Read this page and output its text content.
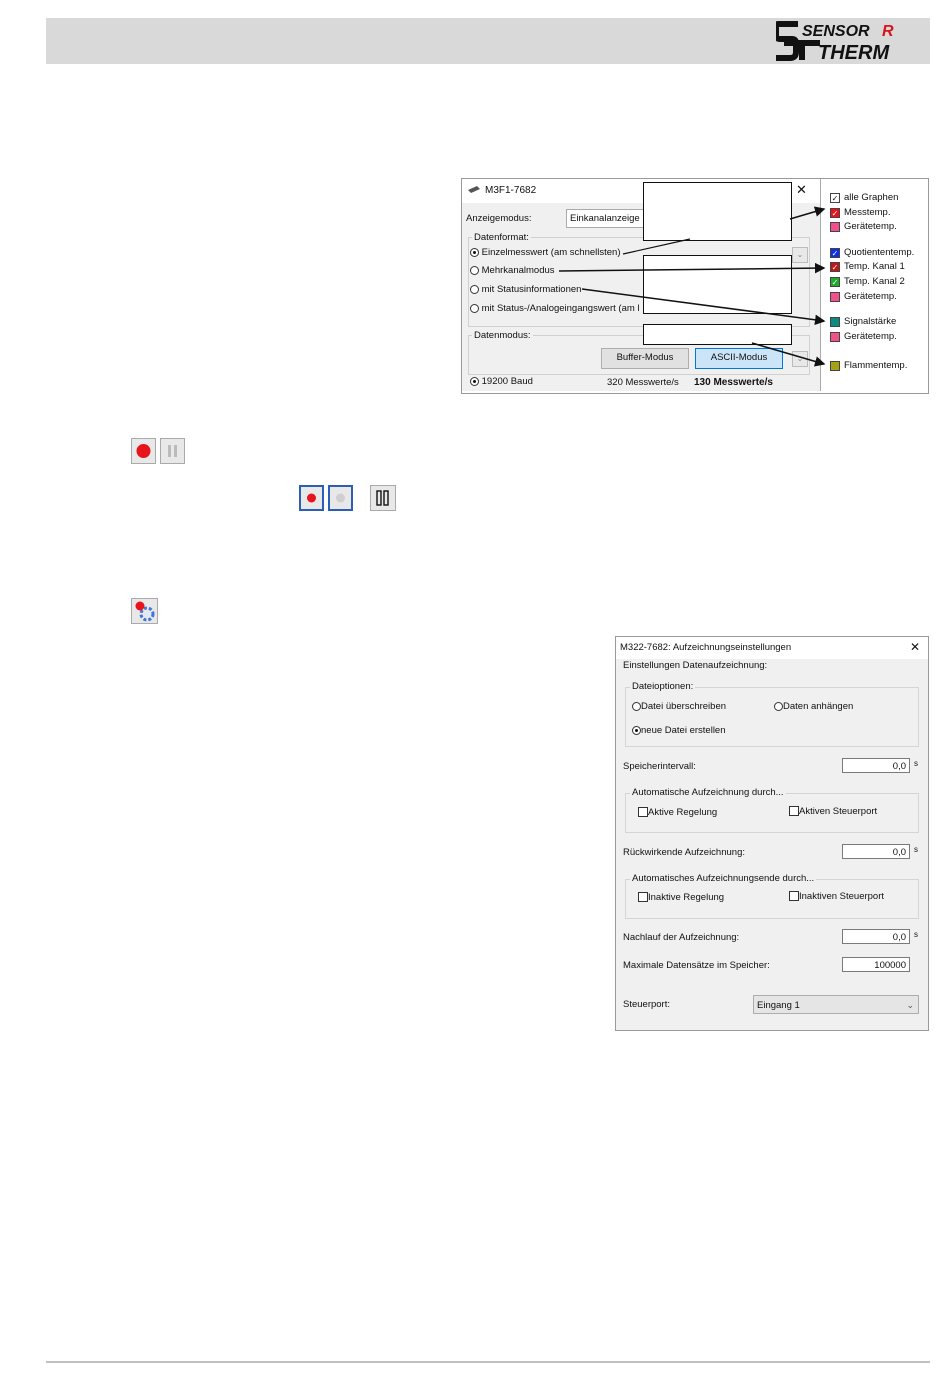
SENSOR
THERM
R
M3F1-7682	✕
Anzeigemodus:	Einkanalanzeige
Datenformat:
Einzelmesswert (am schnellsten)
Mehrkanalmodus
mit Statusinformationen
mit Status-/Analogeingangswert (am l
⌄
⌄
Datenmodus:
Buffer-Modus	ASCII-Modus
19200 Baud	320 Messwerte/s 130 Messwerte/s
✓ alle Graphen
✓ Messtemp.
Gerätetemp.
✓ Quotiententemp.
✓ Temp. Kanal 1
✓ Temp. Kanal 2
Gerätetemp.
Signalstärke
Gerätetemp.
Flammentemp.
M322-7682: Aufzeichnungseinstellungen	✕
Einstellungen Datenaufzeichnung:
Dateioptionen:
Datei überschreiben	Daten anhängen
neue Datei erstellen
Speicherintervall:	0,0	s
Automatische Aufzeichnung durch...
Aktive Regelung	Aktiven Steuerport
Rückwirkende Aufzeichnung:	0,0	s
Automatisches Aufzeichnungsende durch...
Inaktive Regelung	Inaktiven Steuerport
Nachlauf der Aufzeichnung:	0,0	s
Maximale Datensätze im Speicher:	100000
Steuerport:	Eingang 1	⌄
